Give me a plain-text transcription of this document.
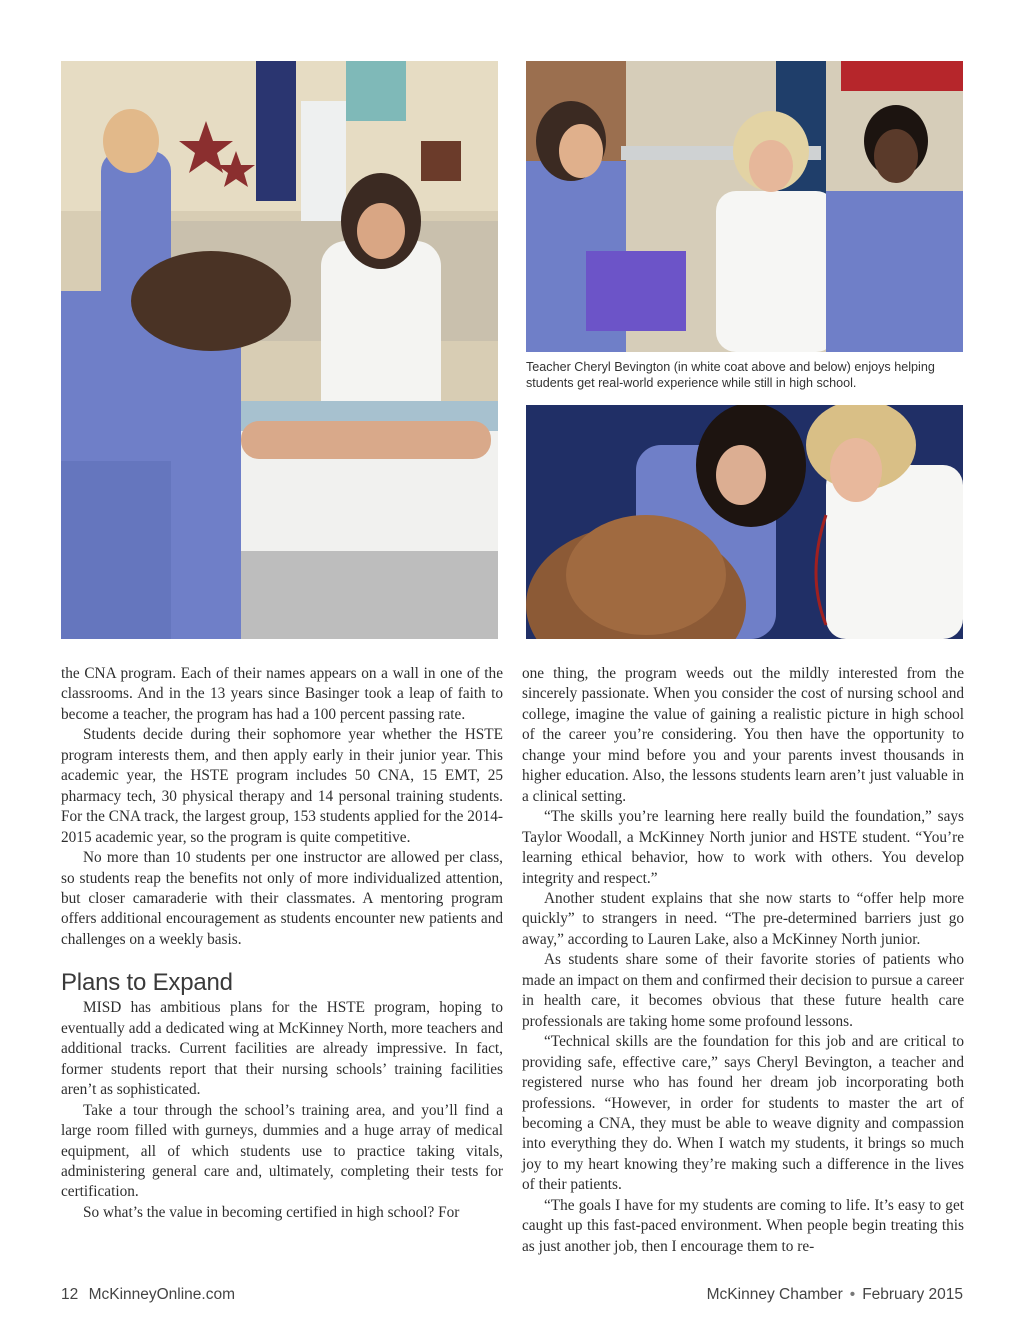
Teacher Cheryl Bevington (in white coat above and below) enjoys helping students get real-world experience while still in high school.

the CNA program. Each of their names appears on a wall in one of the classrooms. And in the 13 years since Basinger took a leap of faith to become a teacher, the program has had a 100 percent passing rate.

Students decide during their sophomore year whether the HSTE program interests them, and then apply early in their junior year. This academic year, the HSTE program includes 50 CNA, 15 EMT, 25 pharmacy tech, 30 physical therapy and 14 personal training students. For the CNA track, the largest group, 153 students applied for the 2014-2015 academic year, so the program is quite competitive.

No more than 10 students per one instructor are allowed per class, so students reap the benefits not only of more individualized attention, but closer camaraderie with their classmates. A mentoring program offers additional encouragement as students encounter new patients and challenges on a weekly basis.

Plans to Expand

MISD has ambitious plans for the HSTE program, hoping to eventually add a dedicated wing at McKinney North, more teachers and additional tracks. Current facilities are already impressive. In fact, former students report that their nursing schools’ training facilities aren’t as sophisticated.

Take a tour through the school’s training area, and you’ll find a large room filled with gurneys, dummies and a huge array of medical equipment, all of which students use to practice taking vitals, administering general care and, ultimately, completing their tests for certification.

So what’s the value in becoming certified in high school? For

one thing, the program weeds out the mildly interested from the sincerely passionate. When you consider the cost of nursing school and college, imagine the value of gaining a realistic picture in high school of the career you’re considering. You then have the opportunity to change your mind before you and your parents invest thousands in higher education. Also, the lessons students learn aren’t just valuable in a clinical setting.

“The skills you’re learning here really build the foundation,” says Taylor Woodall, a McKinney North junior and HSTE student. “You’re learning ethical behavior, how to work with others. You develop integrity and respect.”

Another student explains that she now starts to “offer help more quickly” to strangers in need. “The pre-determined barriers just go away,” according to Lauren Lake, also a McKinney North junior.

As students share some of their favorite stories of patients who made an impact on them and confirmed their decision to pursue a career in health care, it becomes obvious that these future health care professionals are taking home some profound lessons.

“Technical skills are the foundation for this job and are critical to providing safe, effective care,” says Cheryl Bevington, a teacher and registered nurse who has found her dream job incorporating both professions. “However, in order for students to master the art of becoming a CNA, they must be able to weave dignity and compassion into everything they do. When I watch my students, it brings so much joy to my heart knowing they’re making such a difference in the lives of their patients.

“The goals I have for my students are coming to life. It’s easy to get caught up this fast-paced environment. When people begin treating this as just another job, then I encourage them to re-

12 McKinneyOnline.com	McKinney Chamber • February 2015
